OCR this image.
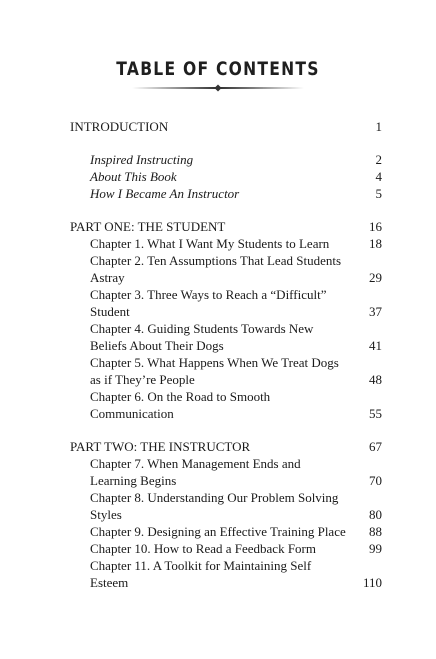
TABLE OF CONTENTS
INTRODUCTION	1
Inspired Instructing	2
About This Book	4
How I Became An Instructor	5
PART ONE: THE STUDENT	16
Chapter 1. What I Want My Students to Learn	18
Chapter 2. Ten Assumptions That Lead Students
Astray	29
Chapter 3. Three Ways to Reach a “Difficult”
Student	37
Chapter 4. Guiding Students Towards New
Beliefs About Their Dogs	41
Chapter 5. What Happens When We Treat Dogs
as if They’re People	48
Chapter 6. On the Road to Smooth
Communication	55
PART TWO: THE INSTRUCTOR	67
Chapter 7. When Management Ends and
Learning Begins	70
Chapter 8. Understanding Our Problem Solving
Styles	80
Chapter 9. Designing an Effective Training Place 88
Chapter 10. How to Read a Feedback Form	99
Chapter 11. A Toolkit for Maintaining Self
Esteem	110
